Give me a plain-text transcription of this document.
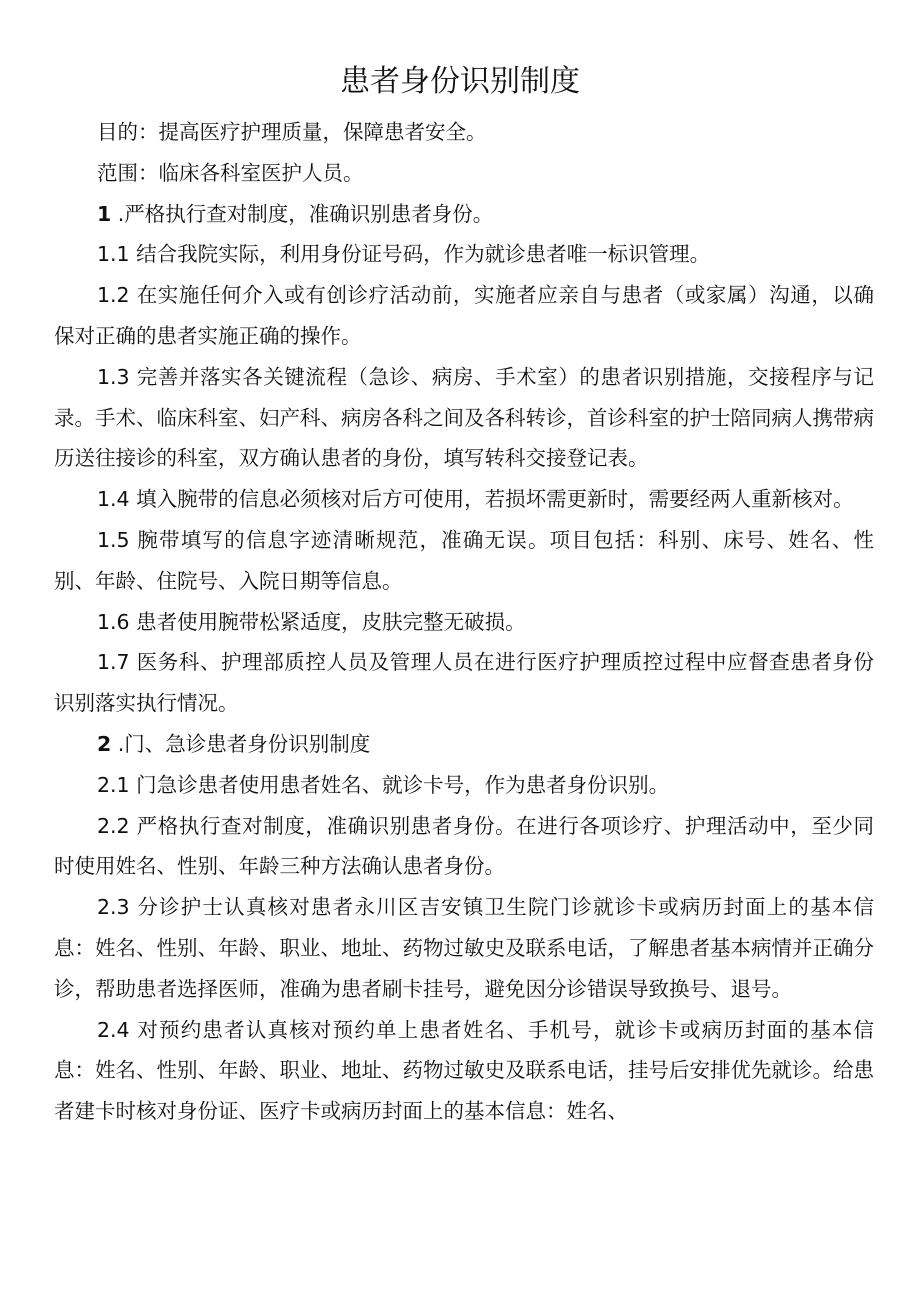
患者身份识别制度

目的：提高医疗护理质量，保障患者安全。

范围：临床各科室医护人员。

1 .严格执行查对制度，准确识别患者身份。

1.1 结合我院实际，利用身份证号码，作为就诊患者唯一标识管理。

1.2 在实施任何介入或有创诊疗活动前，实施者应亲自与患者（或家属）沟通，以确保对正确的患者实施正确的操作。

1.3 完善并落实各关键流程（急诊、病房、手术室）的患者识别措施，交接程序与记录。手术、临床科室、妇产科、病房各科之间及各科转诊，首诊科室的护士陪同病人携带病历送往接诊的科室，双方确认患者的身份，填写转科交接登记表。

1.4 填入腕带的信息必须核对后方可使用，若损坏需更新时，需要经两人重新核对。

1.5 腕带填写的信息字迹清晰规范，准确无误。项目包括：科别、床号、姓名、性别、年龄、住院号、入院日期等信息。

1.6 患者使用腕带松紧适度，皮肤完整无破损。

1.7 医务科、护理部质控人员及管理人员在进行医疗护理质控过程中应督查患者身份识别落实执行情况。

2 .门、急诊患者身份识别制度

2.1 门急诊患者使用患者姓名、就诊卡号，作为患者身份识别。

2.2 严格执行查对制度，准确识别患者身份。在进行各项诊疗、护理活动中，至少同时使用姓名、性别、年龄三种方法确认患者身份。

2.3 分诊护士认真核对患者永川区吉安镇卫生院门诊就诊卡或病历封面上的基本信息：姓名、性别、年龄、职业、地址、药物过敏史及联系电话，了解患者基本病情并正确分诊，帮助患者选择医师，准确为患者刷卡挂号，避免因分诊错误导致换号、退号。

2.4 对预约患者认真核对预约单上患者姓名、手机号，就诊卡或病历封面的基本信息：姓名、性别、年龄、职业、地址、药物过敏史及联系电话，挂号后安排优先就诊。给患者建卡时核对身份证、医疗卡或病历封面上的基本信息：姓名、
